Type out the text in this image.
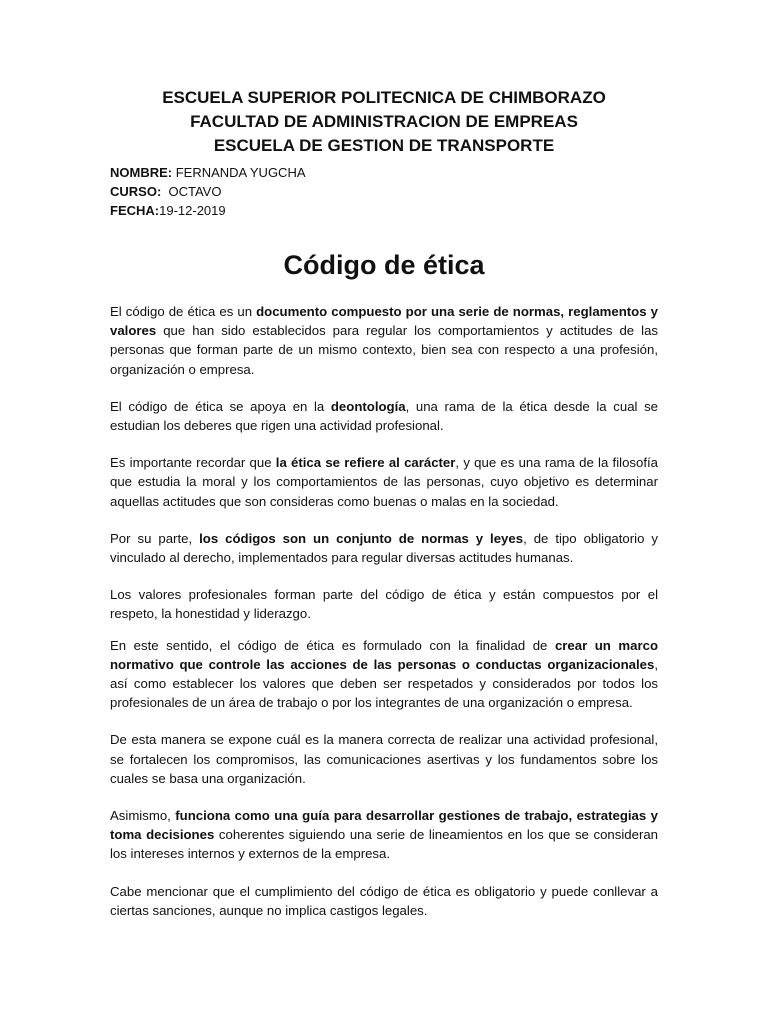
ESCUELA SUPERIOR POLITECNICA DE CHIMBORAZO

FACULTAD DE ADMINISTRACION DE EMPREAS

ESCUELA DE GESTION DE TRANSPORTE

NOMBRE: FERNANDA YUGCHA

CURSO:  OCTAVO

FECHA:19-12-2019

Código de ética

El código de ética es un documento compuesto por una serie de normas, reglamentos y valores que han sido establecidos para regular los comportamientos y actitudes de las personas que forman parte de un mismo contexto, bien sea con respecto a una profesión, organización o empresa.

El código de ética se apoya en la deontología, una rama de la ética desde la cual se estudian los deberes que rigen una actividad profesional.

Es importante recordar que la ética se refiere al carácter, y que es una rama de la filosofía que estudia la moral y los comportamientos de las personas, cuyo objetivo es determinar aquellas actitudes que son consideras como buenas o malas en la sociedad.

Por su parte, los códigos son un conjunto de normas y leyes, de tipo obligatorio y vinculado al derecho, implementados para regular diversas actitudes humanas.

Los valores profesionales forman parte del código de ética y están compuestos por el respeto, la honestidad y liderazgo.

En este sentido, el código de ética es formulado con la finalidad de crear un marco normativo que controle las acciones de las personas o conductas organizacionales, así como establecer los valores que deben ser respetados y considerados por todos los profesionales de un área de trabajo o por los integrantes de una organización o empresa.

De esta manera se expone cuál es la manera correcta de realizar una actividad profesional, se fortalecen los compromisos, las comunicaciones asertivas y los fundamentos sobre los cuales se basa una organización.

Asimismo, funciona como una guía para desarrollar gestiones de trabajo, estrategias y toma decisiones coherentes siguiendo una serie de lineamientos en los que se consideran los intereses internos y externos de la empresa.

Cabe mencionar que el cumplimiento del código de ética es obligatorio y puede conllevar a ciertas sanciones, aunque no implica castigos legales.
